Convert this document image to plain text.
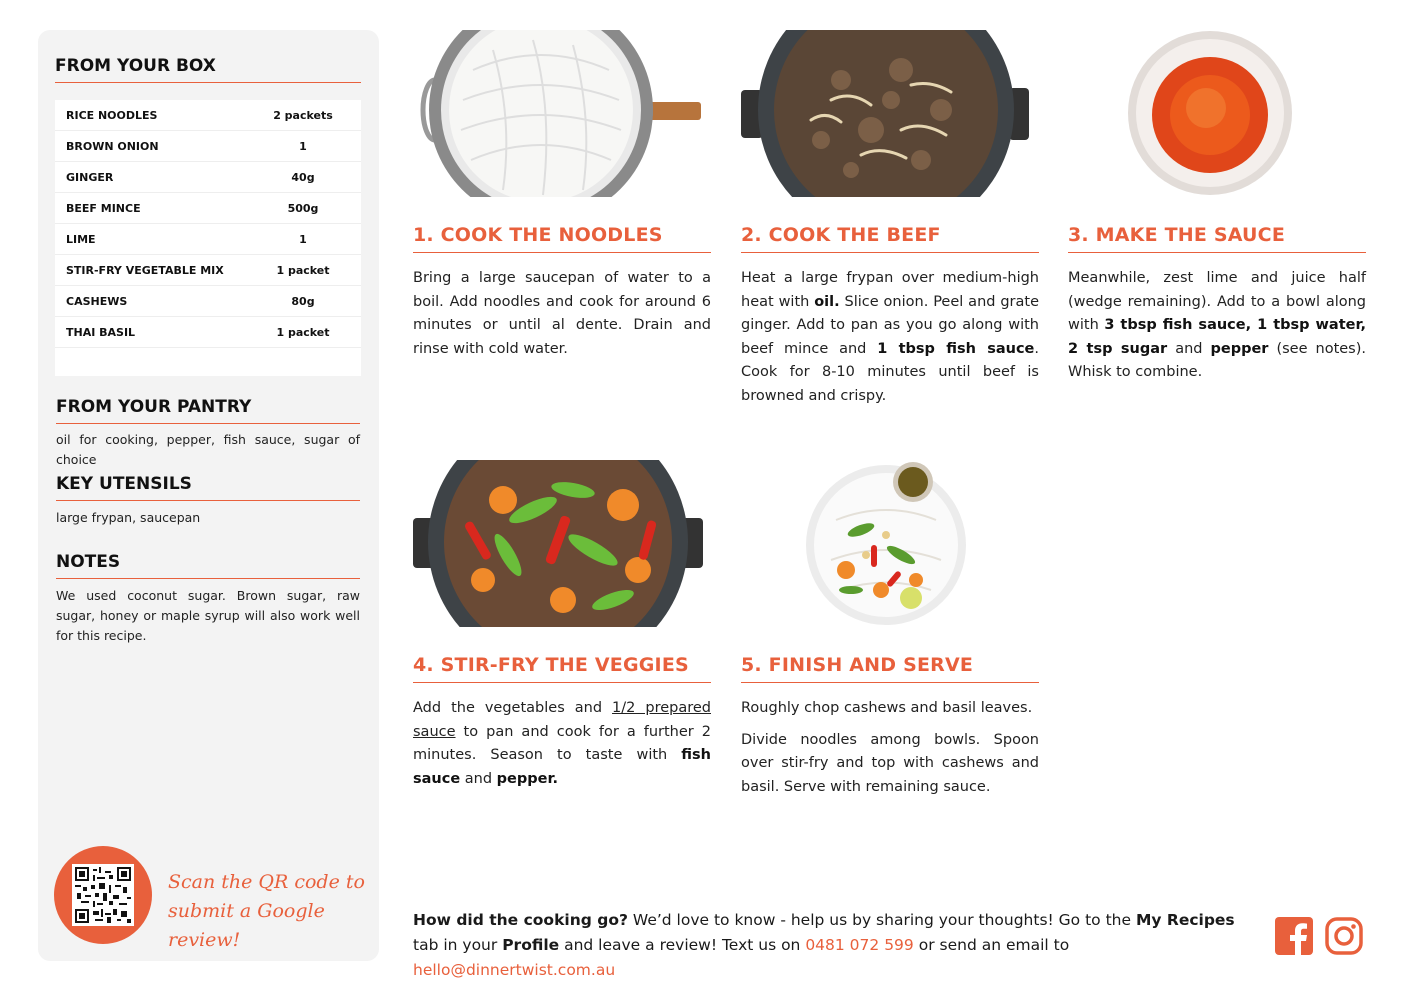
FROM YOUR BOX
RICE NOODLES	2 packets
BROWN ONION	1
GINGER	40g
BEEF MINCE	500g
LIME	1
STIR-FRY VEGETABLE MIX	1 packet
CASHEWS	80g
THAI BASIL	1 packet
FROM YOUR PANTRY
oil for cooking, pepper, fish sauce, sugar of choice
KEY UTENSILS
large frypan, saucepan
NOTES
We used coconut sugar. Brown sugar, raw sugar, honey or maple syrup will also work well for this recipe.
Scan the QR code to
submit a Google review!
1. COOK THE NOODLES
Bring a large saucepan of water to a boil. Add noodles and cook for around 6 minutes or until al dente. Drain and rinse with cold water.
2. COOK THE BEEF
Heat a large frypan over medium-high heat with oil. Slice onion. Peel and grate ginger. Add to pan as you go along with beef mince and 1 tbsp fish sauce. Cook for 8-10 minutes until beef is browned and crispy.
3. MAKE THE SAUCE
Meanwhile, zest lime and juice half (wedge remaining). Add to a bowl along with 3 tbsp fish sauce, 1 tbsp water, 2 tsp sugar and pepper (see notes). Whisk to combine.
4. STIR-FRY THE VEGGIES
Add the vegetables and 1/2 prepared sauce to pan and cook for a further 2 minutes. Season to taste with fish sauce and pepper.
5. FINISH AND SERVE

Roughly chop cashews and basil leaves.

Divide noodles among bowls. Spoon over stir-fry and top with cashews and basil. Serve with remaining sauce.

How did the cooking go? We’d love to know - help us by sharing your thoughts! Go to the My Recipes tab in your Profile and leave a review! Text us on 0481 072 599 or send an email to hello@dinnertwist.com.au
